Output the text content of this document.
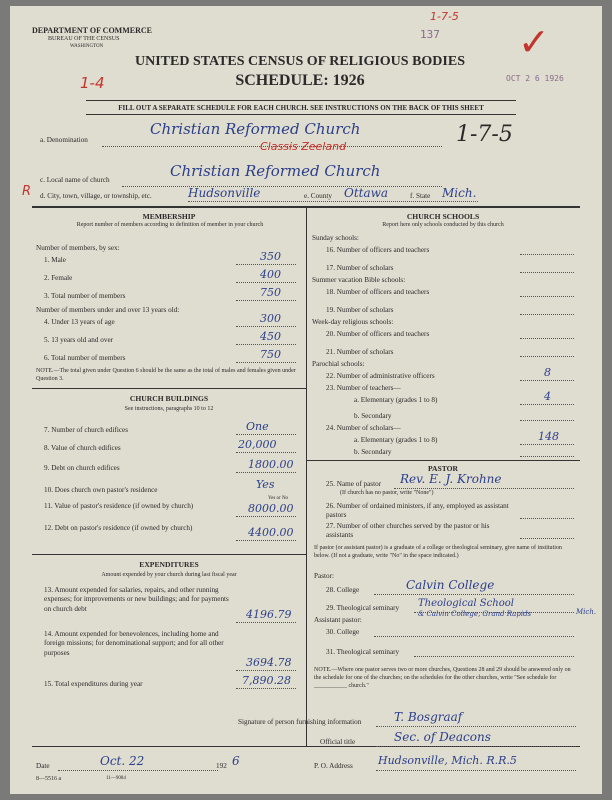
DEPARTMENT OF COMMERCE
BUREAU OF THE CENSUS
WASHINGTON
137
1-7-5
✓
OCT 2 6 1926
UNITED STATES CENSUS OF RELIGIOUS BODIES
SCHEDULE: 1926
1-4
FILL OUT A SEPARATE SCHEDULE FOR EACH CHURCH. SEE INSTRUCTIONS ON THE BACK OF THIS SHEET
a. Denomination
Christian Reformed Church
Classis Zeeland	1-7-5
c. Local name of church	Christian Reformed Church
R d. City, town, village, or township, etc.	Hudsonville	e. County Ottawa	f. State Mich.
MEMBERSHIP
Report number of members according to definition of member in your church
Number of members, by sex:
1. Male	350
2. Female	400
3. Total number of members	750
Number of members under and over 13 years old:
4. Under 13 years of age	300
5. 13 years old and over	450
6. Total number of members	750
NOTE.—The total given under Question 6 should be the same as the total of males and females given under Question 3.
CHURCH BUILDINGS
See instructions, paragraphs 10 to 12
7. Number of church edifices	One
8. Value of church edifices	20,000
9. Debt on church edifices	1800.00
10. Does church own pastor's residence	Yes
Yes or No
11. Value of pastor's residence (if owned by church)	8000.00
12. Debt on pastor's residence (if owned by church)	4400.00
EXPENDITURES
Amount expended by your church during last fiscal year
13. Amount expended for salaries, repairs, and other running expenses; for improvements or new buildings; and for payments on church debt	4196.79
14. Amount expended for benevolences, including home and foreign missions; for denominational support; and for all other purposes
3694.78
15. Total expenditures during year	7,890.28
CHURCH SCHOOLS
Report here only schools conducted by this church
Sunday schools:
16. Number of officers and teachers
17. Number of scholars
Summer vacation Bible schools:
18. Number of officers and teachers
19. Number of scholars
Week-day religious schools:
20. Number of officers and teachers
21. Number of scholars
Parochial schools:
22. Number of administrative officers	8
23. Number of teachers—
a. Elementary (grades 1 to 8)	4
b. Secondary
24. Number of scholars—
a. Elementary (grades 1 to 8)	148
b. Secondary
PASTOR
25. Name of pastor Rev. E. J. Krohne
(If church has no pastor, write "None")
26. Number of ordained ministers, if any, employed as assistant pastors
27. Number of other churches served by the pastor or his assistants
If pastor (or assistant pastor) is a graduate of a college or theological seminary, give name of institution below. (If not a graduate, write "No" in the space indicated.)
Pastor:
28. College	Calvin College
29. Theological seminary Theological School
& Calvin College, Grand Rapids	Mich.
Assistant pastor:
30. College
31. Theological seminary
NOTE.—Where one pastor serves two or more churches, Questions 28 and 29 should be answered only on the schedule for one of the churches; on the schedules for the other churches, write "See schedule for ___________ church."
Signature of person furnishing information	T. Bosgraaf
Official title	Sec. of Deacons
Date	Oct. 22	192 6	P. O. Address Hudsonville, Mich. R.R.5
8—5516 a	11—9084
